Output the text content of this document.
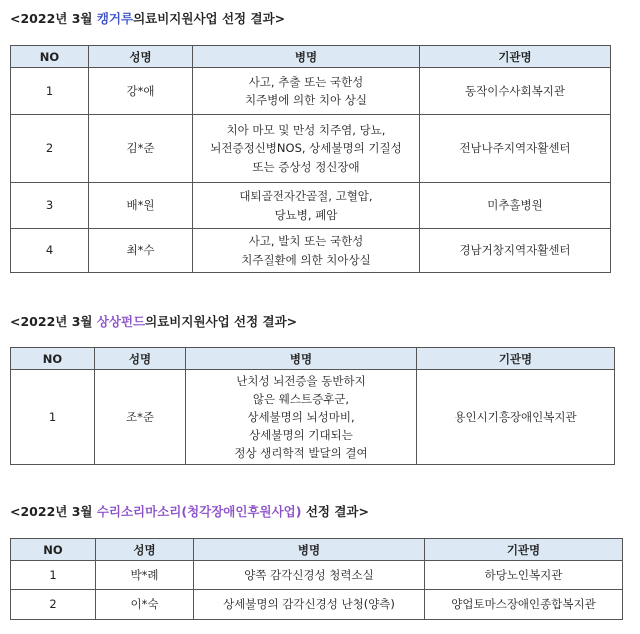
<2022년 3월 캥거루의료비지원사업 선정 결과>
NO	성명	병명	기관명
1	강*애	사고, 추출 또는 국한성
치주병에 의한 치아 상실	동작이수사회복지관
2	김*준	치아 마모 및 만성 치주염, 당뇨,
뇌전증정신병NOS, 상세불명의 기질성
또는 증상성 정신장애	전남나주지역자활센터
3	배*원	대퇴골전자간골절, 고혈압,
당뇨병, 폐암	미추홀병원
4	최*수	사고, 발치 또는 국한성
치주질환에 의한 치아상실	경남거창지역자활센터
<2022년 3월 상상펀드의료비지원사업 선정 결과>
NO	성명	병명	기관명
1	조*준	난치성 뇌전증을 동반하지
않은 웨스트증후군,
상세불명의 뇌성마비,
상세불명의 기대되는
정상 생리학적 발달의 결여	용인시기흥장애인복지관
<2022년 3월 수리소리마소리(청각장애인후원사업) 선정 결과>
NO	성명	병명	기관명
1	박*례	양쪽 감각신경성 청력소실	하당노인복지관
2	이*숙	상세불명의 감각신경성 난청(양측)	양업토마스장애인종합복지관
